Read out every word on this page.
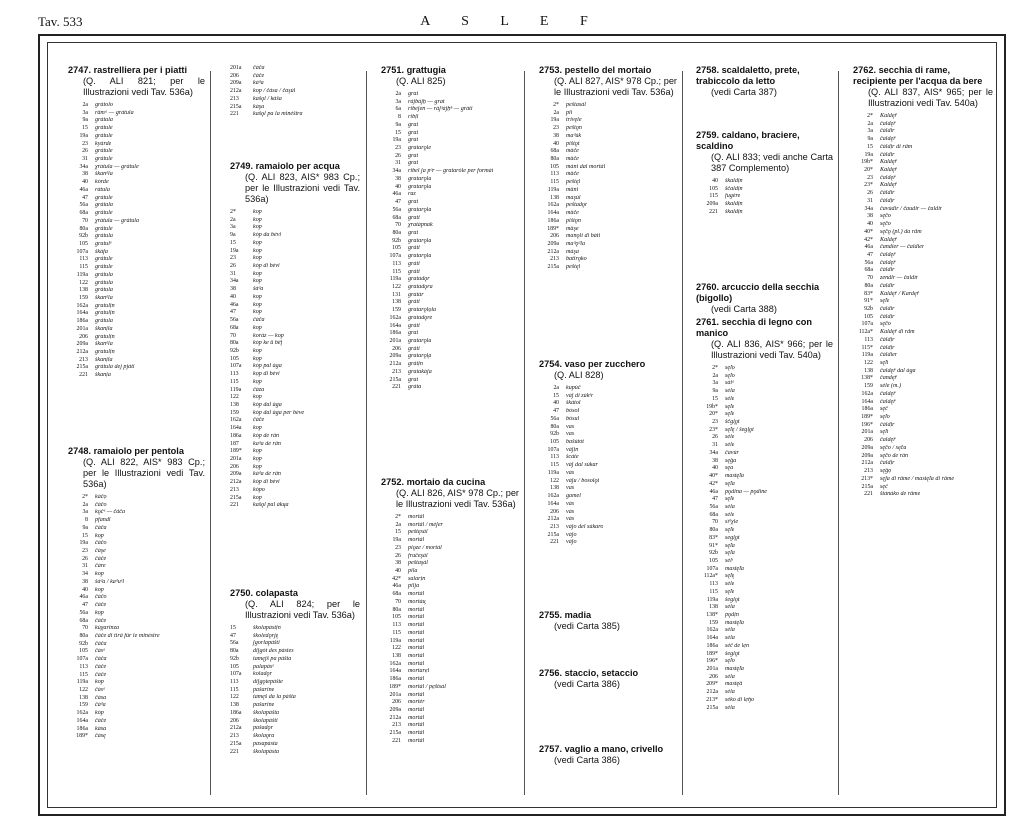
Tav. 533	A S L E F
2747. rastrelliera per i piatti
(Q. ALI 821; per le Illustrazioni vedi Tav. 536a)
2a	gràtolo
3a	râmᵃ — gràtula
9a	gràtala
15	grátule
19a	grátule
23	kyàrde
26	grátule
31	grátule
34a	χrátula — grátule
38	škanᵈla
40	kòrde
46a	rátula
47	grátule
56a	grátala
68a	grátule
70	χrátula — grátula
80a	grátule
92b	grátula
105	gratulᵉ
107a	škáfa
113	grátule
115	grátule
119a	grátula
122	grátula
138	grátula
159	škanᵈla
162a	gratulịn
164a	gratulịn
186a	grátula
201a	škanịla
206	gratulịn
209a	škanᵈla
212a	gratulịn
213	škanịla
215a	grátula dej pjàti
221	škanịa
2748. ramaiolo per pentola
(Q. ALI 822, AIS* 983 Cp.; per le Illustrazioni vedi Tav. 536a)
2*	kàčọ
2a	čàčo
3a	kǫčᵉ — čàča
8	pfandl
9a	čàča
15	kọp
19a	čàčo
23	čàşe
26	čàče
31	čàre
34	kop
38	šàᵈa / kaᵈuᵉl
40	kop
46a	čàčo
47	čàče
56a	kọp
68a	čàče
70	kùχarinza
80a	čàče di tirâ fûr le minèstre
92b	čàča
105	čàsᵃ
107a	čàča
113	čàče
115	čàče
119a	kop
122	čàsᵃ
138	čàsa
159	čàᵈa
162a	kòp
164a	čàče
186a	kàsa
189*	čàsę
201a	čàča
206	čàče
209a	kàᵈa
212a	kop / čàsa / čaşùl
213	kašǫl / kàša
215a	kàşa
221	kašǫl pa la minèštra
2749. ramaiolo per acqua
(Q. ALI 823, AIS* 983 Cp.; per le Illustrazioni vedi Tav. 536a)
2*	kop
2a	kop
3a	kop
9a	kòp da bèvi
15	kọp
19a	kop
23	kop
26	kòp di bèvi
31	kop
34a	kop
38	šàᵈa
40	kop
46a	kop
47	kop
56a	čàča
68a	kop
70	koráz — kop
80a	kòp ke ü bêf
92b	kop
105	kọp
107a	kòp pal àga
113	kọp di bèvi
115	kọp
119a	čàza
122	kop
138	kòp dal àga
159	kòp dal àga per bève
162a	čàče
164a	kop
186a	kòp de rân
187	kaᵈa de rân
189*	kọp
201a	kọp
206	kọp
209a	kàᵈa de rân
212a	kòp di bèvi
213	kòpo
215a	kop
221	kašǫl pal àkųa
2750. colapasta
(Q. ALI 824; per le Illustrazioni vedi Tav. 536a)
15	školapàstịn
47	školedǫrję
56a	ʃgorlapàšti
80a	diʃgòt des pàstes
92b	tamęjš pa pàšta
105	palapàsᵉ
107a	koladǫr
113	diʃgǫtepàšte
115	pašarine
122	tamęš da la pàšta
138	pašarine
186a	školapàšta
206	školapàšti
212a	pašadǫr
213	školaǫra
215a	pasapàsta
221	školapàsta
2751. grattugia
(Q. ALI 825)
2a	grat
3a	rájbájẖ — grat
6a	ribeʃen — ráʃᵊájẖⁿ — gráti
8	ribịl
9a	grat
15	grat
19a	grat
23	gratarǫle
26	grat
31	grat
34a	ribel ʃa pᵒr — grataròle per formài
38	gratarǫla
40	gratarǫla
46a	raz
47	grat
56a	gratarǫla
68a	grati
70	χratàpnak
80a	grat
92b	gratarǫla
105	gràti
107a	gratarǫla
113	gràti
115	gràti
119a	gratadǫr
122	gratadǫra
131	gratàr
138	gràti
159	gratarǫlo̱la
162a	gratadǫre
164a	gràti
186a	grat
201a	gratarǫla
206	gràti
209a	gratarǫl̥a
212a	grátịn
213	gratakáʃa
215a	grat
221	gràta
2752. mortaio da cucina
(Q. ALI 826, AIS* 978 Cp.; per le Illustrazioni vedi Tav. 536a)
2*	mortàl
2a	mortàl / mèʃer
15	peštęsàl
19a	mortàl
23	piǫze / mortàl
26	fručeşàl
38	peštaşàl
40	pila
42*	salarịn
46a	pilja
68a	mortàl
70	mortàu̯
80a	mortàl
105	mortàl
113	mortàl
115	mortàl
119a	mortàl
122	mortàl
138	mortàl
162a	mortàl
164a	mortarẹl
186a	mortàl
189*	mortàl / pe̱štsàl
201a	mortàl
206	mortèr
209a	mortàl
212a	mortàl
213	mortàl
215a	mortàl
221	mortàl
2753. pestello del mortaio
(Q. ALI 827, AIS* 978 Cp.; per le Illustrazioni vedi Tav. 536a)
2*	peštasàl
2a	pil
19a	trivęle
23	peštǫn
38	maᵈùk
40	pištǫt
68a	mâče
80a	mâče
105	màni dal mortàl
113	mâče
115	peštęl
119a	mâni
138	maşùl
162a	peštadǫr
164a	mâče
186a	pištǫn
189*	mâşe
206	manǫli di bàti
209a	maᵈǫᵈla
212a	màşa
213	batirǫko
215a	peštęl
2754. vaso per zucchero
(Q. ALI 828)
2a	kupùč
15	vàʃ di zùkᵉr
40	škàtol
47	bòsol
56a	bòsul
80a	vas
92b	vas
105	bašùtòt
107a	vàʃịn
113	šcàte
115	vàʃ dal sùkar
119a	vàs
122	vàʃu / bosolǫt
138	vas
162a	gamel
164a	vàs
206	vàs
212a	vàs
213	vàʃo del sùkaro
215a	vàʃo
221	vàʃo
2755. madia
(vedi Carta 385)
2756. staccio, setaccio
(vedi Carta 386)
2757. vaglio a mano, crivello
(vedi Carta 386)
2758. scaldaletto, prete, trabiccolo da letto
(vedi Carta 387)
2759. caldano, braciere, scaldino
(Q. ALI 833; vedi anche Carta 387 Complemento)
40	škaldịn
105	ščaldịn
115	fugère
209a	škaldịn
221	škaldịn
2760. arcuccio della secchia (bigollo)
(vedi Carta 388)
2761. secchia di legno con manico
(Q. ALI 836, AIS* 966; per le Illustrazioni vedi Tav. 540a)
2*	sę̃lọ
2a	sę̃lo
3a	sàiᵃ
9a	sèla
15	sèle
19b*	sę̃le
20*	sę̃le
23	ščgl̥ǫt
23*	sę̃lę / šegl̥ǫt
26	sèle
31	sèle
34a	čavùr
38	sę̃ga
40	sęa
40*	mastę̃la
42*	sę̃la
46a	pǫdina — pǫdine
47	sę̃le
56a	sèla
68a	sèle
70	sȋᵈχle
80a	sę̃le
83*	segl̥ǫt
91*	sę̃la
92b	sę̃la
105	sèlᵉ
107a	mastę̃la
112a*	sę̃lę
113	sèle
115	sę̃le
119a	šeglǫt
138	sèla
138*	pǫdịn
159	mastę̃la
162a	sèla
164a	sèla
186a	séč de lẹn
189*	šeglǫt
196*	sę̃lo
201a	mastę̃la
206	sèla
209*	mastę̃a
212a	sèla
213*	sèko di lẹ̃ŋo
215a	sèla
2762. secchia di rame, recipiente per l'acqua da bere
(Q. ALI 837, AIS* 965; per le Illustrazioni vedi Tav. 540a)
2*	Kaldę̃r
2a	čaldę̃r
3a	čàldir
9a	čaldę̃r
15	čàldịr di rãm
19a	čàldir
19b*	Kaldę̃r
20*	Kaldę̃r
23	čaldę̃r
23*	Kaldę̃r
26	čàldir
31	čàldịr
34a	čavùdir / čaudir — čaldir
38	sę̃čo
40	sę̃čo
40*	sę̃čǫ (pl.) da rãm
42*	Kaldę̃r
46a	čandier — čaldier
47	čaldę̃r
56a	čaldę̃r
68a	čàldir
70	zendlr — čaldȋr
80a	čaldir
83*	Kaldę̃r / Kardę̃r
91*	sę̃le
92b	čaldir
105	čàldịr
107a	sę̃čo
112a*	Kaldę̃r di rãm
113	čàldịr
115*	čàldịr
119a	čàldier
122	sę̃lì
138	čaldę̃r dal àga
138*	čandę̃r
159	sèle (m.)
162a	čaldę̃r
164a	čaldę̃r
186a	sęč
189*	sę̃lo
196*	čàldịr
201a	sę̃lì
206	čaldę̃r
209a	sę̃čo / sę̃ča
209a	sę̃čo de rân
212a	čaldịr
213	sę̃gọ
213*	sę̃ja di râme / mastę̃la di râme
215a	sęč
221	štànàko de râme
